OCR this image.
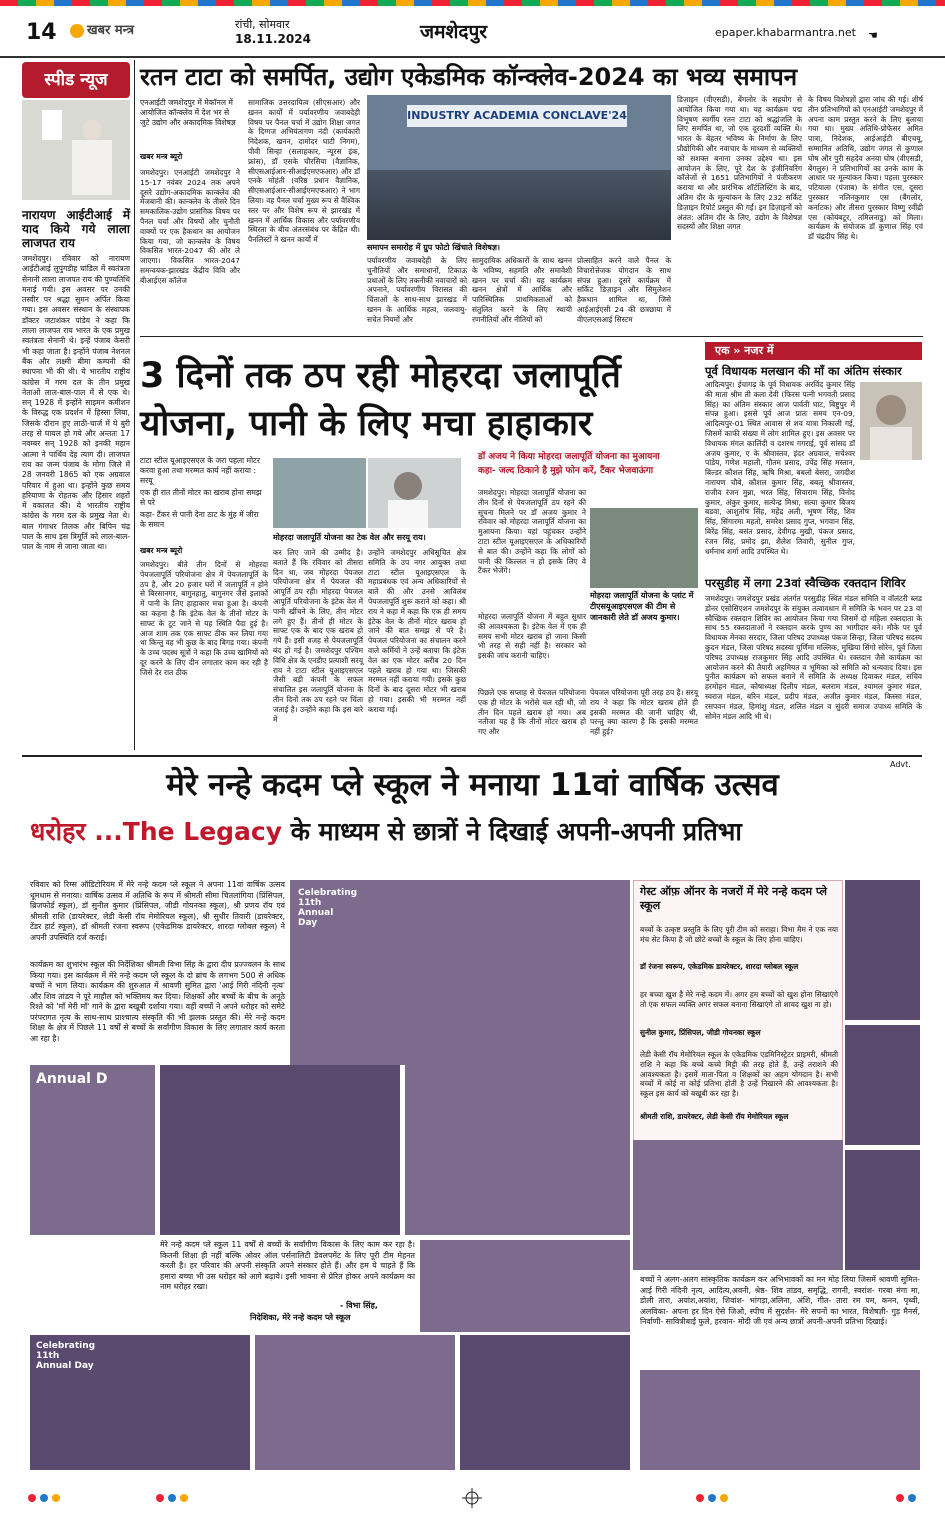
14	खबर मन्त्र	रांची, सोमवार
18.11.2024	जमशेदपुर	epaper.khabarmantra.net ☚
स्पीड न्यूज
नारायण आईटीआई में याद किये गये लाला लाजपत राय
जमशेदपुर। रविवार को नारायण आईटीआई लुपुंगडीह चांडिल में स्वतंत्रता सेनानी लाला लाजपत राय की पुण्यतिथि मनाई गयी। इस अवसर पर उनकी तस्वीर पर श्रद्धा सुमन अर्पित किया गया। इस अवसर संस्थान के संस्थापक डॉक्टर जटाशंकर पांडेय ने कहा कि लाला लाजपत राय भारत के एक प्रमुख स्वतंत्रता सेनानी थे। इन्हें पंजाब केसरी भी कहा जाता है। इन्होंने पंजाब नेशनल बैंक और लक्ष्मी बीमा कम्पनी की स्थापना भी की थी। ये भारतीय राष्ट्रीय कांग्रेस में गरम दल के तीन प्रमुख नेताओं लाल-बाल-पाल में से एक थे। सन् 1928 में इन्होंने साइमन कमीशन के विरुद्ध एक प्रदर्शन में हिस्सा लिया, जिसके दौरान हुए लाठी-चार्ज में ये बुरी तरह से घायल हो गये और अन्ततः 17 नवम्बर सन् 1928 को इनकी महान आत्मा ने पार्थिव देह त्याग दी। लाजपत राय का जन्म पंजाब के मोगा जिले में 28 जनवरी 1865 को एक अग्रवाल परिवार में हुआ था। इन्होंने कुछ समय हरियाणा के रोहतक और हिसार शहरों में वकालत की। ये भारतीय राष्ट्रीय कांग्रेस के गरम दल के प्रमुख नेता थे। बाल गंगाधर तिलक और बिपिन चंद्र पाल के साथ इस त्रिमूर्ति को लाल-बाल-पाल के नाम से जाना जाता था।
रतन टाटा को समर्पित, उद्योग एकेडमिक कॉन्क्लेव-2024 का भव्य समापन
एनआईटी जमशेदपुर में मेकॉनल में आयोजित कॉन्क्लेव में देश भर से जुटे उद्योग और अकादमिक विशेषज्ञ
खबर मन्त्र ब्यूरो
जमशेदपुर। एनआईटी जमशेदपुर ने 15-17 नवंबर 2024 तक अपने दूसरे उद्योग-अकादमिक कान्क्लेव की मेजबानी की। कान्क्लेव के तीसरे दिन समकालिक-उद्योग प्रासंगिक विषय पर पैनल चर्चा और विषयों और चुनौती वाक्यों पर एक हैकथान का आयोजन किया गया, जो कान्क्लेव के विषय विकसित भारत-2047 की ओर ले जाएगा। विकसित भारत-2047 समन्वयक-झारखंड केंद्रीय विवि और बीआईएस कॉलेज
सामाजिक उत्तरदायित्व (सीएसआर) और खनन कार्यों में पर्यावरणीय जवाबदेही विषय पर पैनल चर्चा में उद्योग शिक्षा जगत के दिग्गज अभियंतागण नंदी (कार्यकारी निदेशक, खनन, दामोदर घाटी निगम), पीवी सिन्हा (सलाहकार, न्यूरस इंक, फ्रांस), डॉ एसके चौरसिया (वैज्ञानिक, सीएसआईआर-सीआईएमएफआर) और डॉ एनके मोहंती (वरिष्ठ प्रधान वैज्ञानिक, सीएसआईआर-सीआईएमएफआर) ने भाग लिया। वह पैनल चर्चा मुख्य रूप से वैश्विक स्तर पर और विशेष रूप से झारखंड में खनन में आर्थिक विकास और पर्यावरणीय स्थिरता के बीच अंतरसंबंध पर केंद्रित थी। पैनलिस्टों ने खनन कार्यों में
INDUSTRY ACADEMIA CONCLAVE'24
समापन समारोह में ग्रुप फोटो खिंचाते विशेषज्ञ।
पर्यावरणीय जवाबदेही के लिए चुनौतियों और समाधानों, टिकाऊ प्रथाओं के लिए तकनीकी नवाचारों को अपनाने, पर्यावरणीय विरासत की चिंताओं के साथ-साथ झारखंड में खनन के आर्थिक महत्व, जलवायु-सचेत नियमों और
सामुदायिक अधिकारों के साथ खनन के भविष्य, सहमति और समावेशी खनन पर चर्चा की। यह कार्यक्रम खनन क्षेत्रों में आर्थिक और पारिस्थितिक प्राथमिकताओं को संतुलित करने के लिए स्थायी रणनीतियों और नीतियों को
प्रोत्साहित करने वाले पैनल के विचारोत्तेजक योगदान के साथ संपन्न हुआ। दूसरे कार्यक्रम में सर्किट डिज़ाइन और सिमुलेशन हैकथान शामिल था, जिसे आईआईएसी 24 की छत्रछाया में वीएलएसआई सिस्टम
डिज़ाइन (वीएसडी), बेंगलोर के सहयोग से आयोजित किया गया था। यह कार्यक्रम पद्म विभूषण स्वर्गीय रतन टाटा को श्रद्धांजलि के लिए समर्पित था, जो एक दूरदर्शी व्यक्ति थे। भारत के बेहतर भविष्य के निर्माण के लिए प्रौद्योगिकी और नवाचार के माध्यम से व्यक्तियों को सशक्त बनाना उनका उद्देश्य था। इस आयोजन के लिए, पूरे देश के इंजीनियरिंग कॉलेजों से 1651 प्रतिभागियों ने पंजीकरण कराया था और प्रारंभिक शॉर्टलिस्टिंग के बाद, अंतिम दौर के मूल्यांकन के लिए 232 सर्किट डिज़ाइन रिपोर्ट प्रस्तुत की गईं। इन डिज़ाइनों को अंतत: अंतिम दौर के लिए, उद्योग के विशेषज्ञ सदस्यों और शिक्षा जगत
के विषय विशेषज्ञों द्वारा जांच की गई। शीर्ष तीन प्रतिभागियों को एनआईटी जमशेदपुर में अपना काम प्रस्तुत करने के लिए बुलाया गया था। मुख्य अतिथि-प्रोफेसर अमित पात्रा, निदेशक, आईआईटी बीएचयू, सम्मानित अतिथि, उद्योग जगत से कुणाल घोष और पुरी सहदेव अनया घोष (वीएसडी, बेंगलुरु) ने प्रतिभागियों का उनके काम के आधार पर मूल्यांकन किया। पहला पुरस्कार पटियाला (पंजाब) के संगीत एस, दूसरा पुरस्कार नलिनकुमार एस (बैंगलोर, कर्नाटक) और तीसरा पुरस्कार विष्णु रवींद्री एस (कोयंबटूर, तमिलनाडु) को मिला। कार्यक्रम के संयोजक डॉ कुणाल सिंह एवं डॉ चंद्रदीप सिंह थे।
3 दिनों तक ठप रही मोहरदा जलापूर्ति योजना, पानी के लिए मचा हाहाकार
टाटा स्टील यूआइएसएल के जरा पहला मोटर करवा हुआ तथा मरम्मत कार्य नहीं कराया : सरयू
एक ही रात तीनों मोटर का खराब होना समझ से परे
कहा- टैंकर से पानी देना ठाट के मुंह में जीरा के समान
मोहरदा जलापूर्ति योजना का टेक वेल और सरयू राय।
खबर मन्त्र ब्यूरो
जमशेदपुर। बीते तीन दिनों से मोहरदा पेयजलापूर्ति परियोजना क्षेत्र में पेयजलापूर्ति के ठप है, और 20 हजार घरों में जलापूर्ति न होने से बिरसानगर, बागुनहातु, बागुनगर जैसे इलाकों में पानी के लिए हाहाकार मचा हुआ है। कंपनी का कहना है कि इंटेक वेल के तीनों मोटर के साफ्ट के टूट जाने से यह स्थिति पैदा हुई है। आज शाम तक एक साफ्ट ठीक कर लिया गया था किन्तु वह भी कुछ के बाद बिगड़ गया। कंपनी के उच्च पदस्थ सूत्रों ने कहा कि उच्च खामियों को दूर करने के लिए दीन लगातार काम कर रही है जिसे देर रात ठीक
कर लिए जाने की उम्मीद है। बताते हैं कि रविवार को तीसरा दिन था, जब मोहरदा पेयजल परियोजना क्षेत्र में पेयजल की आपूर्ति ठप रही। मोहरदा पेयजल आपूर्ति परियोजना के इंटेक वेल में पानी खींचने के लिए, तीन मोटर लगे हुए हैं। तीनों ही मोटर के साफ्ट एक के बाद एक खराब हो गये हैं। इसी वजह से पेयजलापूर्ति बंद हो गई है। जमशेदपुर पश्चिम विधि क्षेत्र के एनडीए प्रत्याशी सरयू राय ने टाटा स्टील यूआइएसएल जैसी बड़ी कंपनी के सफल संचालित इस जलापूर्ति योजना के तीन दिनों तक ठप रहने पर चिंता जताई है। उन्होंने कहा कि इस बारे में
उन्होंने जमशेदपुर अधिसूचित क्षेत्र समिति के उप नगर आयुक्त तथा टाटा स्टील यूआइएसएल के महाप्रबंधक एवं अन्य अधिकारियों से बातें की और उनसे आविलंब पेयजलापूर्ति शुरू कराने को कहा। श्री राय ने कहा में कहा कि एक ही समय इंटेक वेल के तीनों मोटर खराब हो जाने की बात समझ से परे है। पेयजल परियोजना का संचालन करने वाले कर्मियों ने उन्हें बताया कि इंटेक वेल का एक मोटर करीब 20 दिन पहले खराब हो गया था। जिसकी मरम्मत नहीं कराया गयी। इसके कुछ दिनों के बाद दूसरा मोटर भी खराब हो गया। इसकी भी मरम्मत नहीं कराया गई।
डॉ अजय ने किया मोहरदा जलापूर्ति योजना का मुआयना
कहा- जल्द ठिकाने है मुझे फोन करें, टैंकर भेजवाऊंगा
जमशेदपुर। मोहरदा जलापूर्ति योजना का तीन दिनों से पेयजलापूर्ति ठप रहने की सूचना मिलने पर डॉ अजय कुमार ने रविवार को मोहरदा जलापूर्ति योजना का मुआयना किया। यहां पहुंचकर उन्होंने टाटा स्टील यूआइएसएल के अधिकारियों से बात की। उन्होंने कहा कि लोगों को पानी की किल्लत न हो इसके लिए वे टैंकर भेजेंगे।
मोहरदा जलापूर्ति योजना के प्लांट में टीएसयूआइएसएल की टीम से जानकारी लेते डॉ अजय कुमार।
मोहरदा जलापूर्ति योजना में बहुत सुधार की आवश्यकता है। इंटेक वेल में एक ही समय सभी मोटर खराब हो जाना किसी भी तरह से सही नहीं है। सरकार को इसकी जांच करानी चाहिए।
पिछले एक सप्ताह से पेयजल परियोजना एक ही मोटर के भरोसे चल रही थी, जो तीन दिन पहले खराब हो गया। अब नतीजा यह है कि तीनों मोटर खराब हो गए और
पेयजल परियोजना पूरी तरह ठप है। सरयू राय ने कहा कि मोटर खराब होते ही इसकी मरम्मत की जानी चाहिए थी, परन्तु क्या कारण है कि इसकी मरम्मत नहीं हुई?
एक » नजर में
पूर्व विधायक मलखान की माँ का अंतिम संस्कार
आदित्यपुर। ईचागढ़ के पूर्व विधायक अरविंद कुमार सिंह की माता श्रीम ती कला देवी (फिरस पत्नी भगवती प्रसाद सिंह) का अंतिम संस्कार आज पार्वती घाट, बिष्टुपुर में संपन्न हुआ। इससे पूर्व आज प्रातः समय एन-09, आदित्यपुर-01 स्थित आवास से शव यात्रा निकाली गई, जिसमें काफी संख्या में लोग शामिल हुए। इस अवसर पर विधायक मंगल कालिंदी व दशरथ गगराई, पूर्व सांसद डॉ अजय कुमार, ए के श्रीवास्तव, इंदर अग्रवाल, सचेश्वर पांडेय, गणेश महाली, गौतम प्रसाद, उपेंद्र सिंह मस्तान, बिल्डर कौशल सिंह, ऋषि मिश्रा, बबलो बेसरा, जगदीश नारायण चौबे, कौशल कुमार सिंह, बबलू श्रीवास्तव, राजीव रंजन मुन्ना, भरत सिंह, सियाराम सिंह, विनोद कुमार, अंकुर कुमार, सत्येन्द्र मिश्रा, सत्या कुमार बिजय बडवा, आशुतोष सिंह, महेंद्र अली, भूषण सिंह, शिव सिंह, सिंगारमा महतो, समरेश प्रसाद गुप्त, भगवान सिंह, बिरेंद्र सिंह, बसंत प्रसाद, देवीगढ़ मुखी, पंकज प्रसाद, रंजन सिंह, प्रमोद झा, शैलेश तिवारी, सुनील गुप्त, धर्मनाथ शर्मा आदि उपस्थित थे।
परसुडीह में लगा 23वां स्वैच्छिक रक्तदान शिविर
जमशेदपुर। जमशेदपुर प्रखंड अंतर्गत परसुडीह स्थित मंडल समिति व वॉलंटरी ब्लड डोनर एसोसिएशन जमशेदपुर के संयुक्त तत्वावधान में समिति के भवन पर 23 वां स्वैच्छिक रक्तदान शिविर का आयोजन किया गया जिसमें दो महिला रक्तदाता के साथ 55 रक्तदाताओं ने रक्तदान करके पुण्य का भागीदार बने। मौके पर पूर्व विधायक मेनका सरदार, जिला परिषद उपाध्यक्ष पंकज सिन्हा, जिला परिषद सदस्य कुदन मंडल, जिला परिषद सदस्या पूर्णिमा मल्लिक, मुखिया सिंगो सोरेन, पूर्व जिला परिषद उपाध्यक्ष राजकुमार सिंह आदि उपस्थित थे। रक्तदान जैसे कार्यक्रम का आयोजन करने की तैयारी अहमियत व भूमिका को समिति को धन्यवाद दिया। इस पुनीत कार्यक्रम को सफल बनाने में समिति के अध्यक्ष दिवाकर मंडल, सचिव हरमोहन मंडल, कोषाध्यक्ष दिलीप मंडल, बलराम मंडल, श्यामल कुमार मंडल, स्वराज मंडल, बरिन मंडल, प्रदीप मंडल, अजीत कुमार मंडल, किस्सा मंडल, रसपवन मंडल, हिमांशु मंडल, शलित मंडल व सुंदरी समाज उपाध्य समिति के सोमेन मंडल आदि भी थे।
Advt.
मेरे नन्हे कदम प्ले स्कूल ने मनाया 11वां वार्षिक उत्सव
धरोहर ...The Legacy के माध्यम से छात्रों ने दिखाई अपनी-अपनी प्रतिभा
रविवार को रिम्स ऑडिटोरियम में मेरे नन्हे कदम प्ले स्कूल ने अपना 11वां वार्षिक उत्सव धूमधाम से मनाया। वार्षिक उत्सव में अतिथि के रूप में श्रीमती सीमा चितलांगिया (प्रिंसिपल, ब्रिजफोर्ड स्कूल), डॉ सुनील कुमार (प्रिंसिपल, जीडी गोयनका स्कूल), श्री प्रणय रॉय एवं श्रीमती राशि (डायरेक्टर, लेडी केसी रॉय मेमोरियल स्कूल), श्री सुधीर तिवारी (डायरेक्टर, टेंडर हार्ट स्कूल), डॉ श्रीमती रंजना स्वरूप (एकेडमिक डायरेक्टर, शारदा ग्लोबल स्कूल) ने अपनी उपस्थिति दर्ज कराई।
कार्यक्रम का शुभारंभ स्कूल की निर्देशिका श्रीमती विभा सिंह के द्वारा दीप प्रज्ज्वलन के साथ किया गया। इस कार्यक्रम में मेरे नन्हे कदम प्ले स्कूल के दो ब्रांच के लगभग 500 से अधिक बच्चों ने भाग लिया। कार्यक्रम की शुरुआत में श्रावणी सुमित द्वारा 'आई गिरी नंदिनी नृत्य' और शिव तांडव ने पूरे माहौल को भक्तिमय कर दिया। शिक्षकों और बच्चों के बीच के अनूठे रिश्ते को 'माँ मेरी माँ' गाने के द्वारा बखूबी दर्शाया गया। वहीं बच्चों ने अपने धरोहर को समेटे परंपरागत नृत्य के साथ-साथ प्राश्चात्य संस्कृति की भी झलक प्रस्तुत की। मेरे नन्हे कदम शिक्षा के क्षेत्र में पिछले 11 वर्षों से बच्चों के सर्वांगीण विकास के लिए लगातार कार्य करता आ रहा है।
Celebrating 11th Annual Day
गेस्ट ऑफ़ ऑनर के नजरों में मेरे नन्हे कदम प्ले स्कूल
बच्चों के उत्कृष्ट प्रस्तुति के लिए पूरी टीम को सराहा। विभा मैम ने एक नया मंच सेट किया है जो छोटे बच्चों के स्कूल के लिए होना चाहिए।
डॉ रंजना स्वरूप, एकेडमिक डायरेक्टर, शारदा ग्लोबल स्कूल
हर बच्चा खुश है मेरे नन्हे कदम में। अगर हम बच्चों को खुश होना सिखाएंगे तो एक सफल व्यक्ति अगर सफल बनाना सिखाएंगे तो शायद खुश ना हो।
सुनील कुमार, प्रिंसिपल, जीडी गोयनका स्कूल
लेडी केसी रॉय मेमोरियल स्कूल के एकेडमिक एडमिनिस्ट्रेटर प्राइमरी, श्रीमती राशि ने कहा कि बच्चे कच्चे मिट्टी की तरह होते हैं, उन्हें तराशने की आवश्यकता है। इसमें माता-पिता व शिक्षकों का अहम योगदान है। सभी बच्चों में कोई ना कोई प्रतिभा होती है उन्हें निखारने की आवश्यकता है। स्कूल इस कार्य को बखूबी कर रहा है।
श्रीमती राशि, डायरेक्टर, लेडी केसी रॉय मेमोरियल स्कूल
Annual D
मेरे नन्हे कदम प्ले स्कूल 11 वर्षों से बच्चों के सर्वांगीण विकास के लिए काम कर रहा है। कितनी शिक्षा ही नहीं बल्कि ओवर ऑल पर्सनालिटी डेवलपमेंट के लिए पूरी टीम मेहनत करती है। हर परिवार की अपनी संस्कृति अपने संस्कार होते हैं। और हम ये चाहते हैं कि हमारा बच्चा भी उस धरोहर को आगे बढ़ाये। इसी भावना से प्रेरित होकर अपने कार्यक्रम का नाम धरोहर रखा।
- विभा सिंह,
निदेशिका, मेरे नन्हे कदम प्ले स्कूल
बच्चों ने अलग-अलग सांस्कृतिक कार्यक्रम कर अभिभावकों का मन मोह लिया जिसमें श्रावणी सुमित- आई गिरी नंदिनी नृत्य, आदित्य,अवनी, श्रेष्ठ- शिव तांडव, समृद्धि, रागनी, स्वरांश- गरबा मंगा मा, डोली तारा, अयांश,अयांश, शिवांश- भांगड़ा,अलिना, अंशि, गीत- तारा रम पम, कनन, पृथ्वी, अलविका- अपना हर दिन ऐसे जिओ, स्पीच में सुदर्शन- मेरे सपनों का भारत, विशेषज्ञी- गुड़ मैनर्स, निर्वाणी- सावित्रीबाई फुले, हरवान- मोदी जी एवं अन्य छात्रों अपनी-अपनी प्रतिभा दिखाई।
Celebrating 11th Annual Day
